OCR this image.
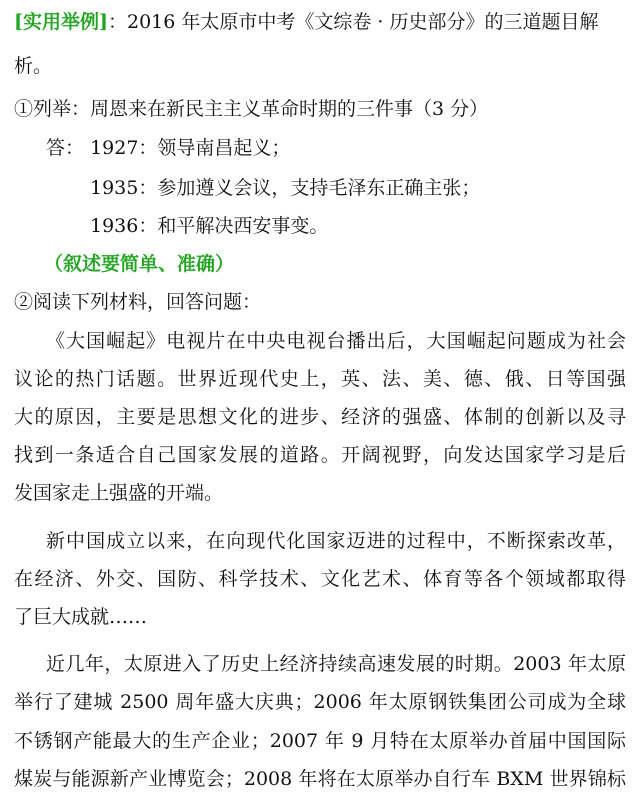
[实用举例]：2016 年太原市中考《文综卷 · 历史部分》的三道题目解
析。
①列举：周恩来在新民主主义革命时期的三件事（3 分）
答： 1927：领导南昌起义；
1935：参加遵义会议，支持毛泽东正确主张；
1936：和平解决西安事变。
（叙述要简单、准确）
②阅读下列材料，回答问题：
《大国崛起》电视片在中央电视台播出后，大国崛起问题成为社会
议论的热门话题。世界近现代史上，英、法、美、德、俄、日等国强
大的原因，主要是思想文化的进步、经济的强盛、体制的创新以及寻
找到一条适合自己国家发展的道路。开阔视野，向发达国家学习是后
发国家走上强盛的开端。
新中国成立以来，在向现代化国家迈进的过程中，不断探索改革，
在经济、外交、国防、科学技术、文化艺术、体育等各个领域都取得
了巨大成就……
近几年，太原进入了历史上经济持续高速发展的时期。2003 年太原
举行了建城 2500 周年盛大庆典；2006 年太原钢铁集团公司成为全球
不锈钢产能最大的生产企业；2007 年 9 月特在太原举办首届中国国际
煤炭与能源新产业博览会；2008 年将在太原举办自行车 BXM 世界锦标
